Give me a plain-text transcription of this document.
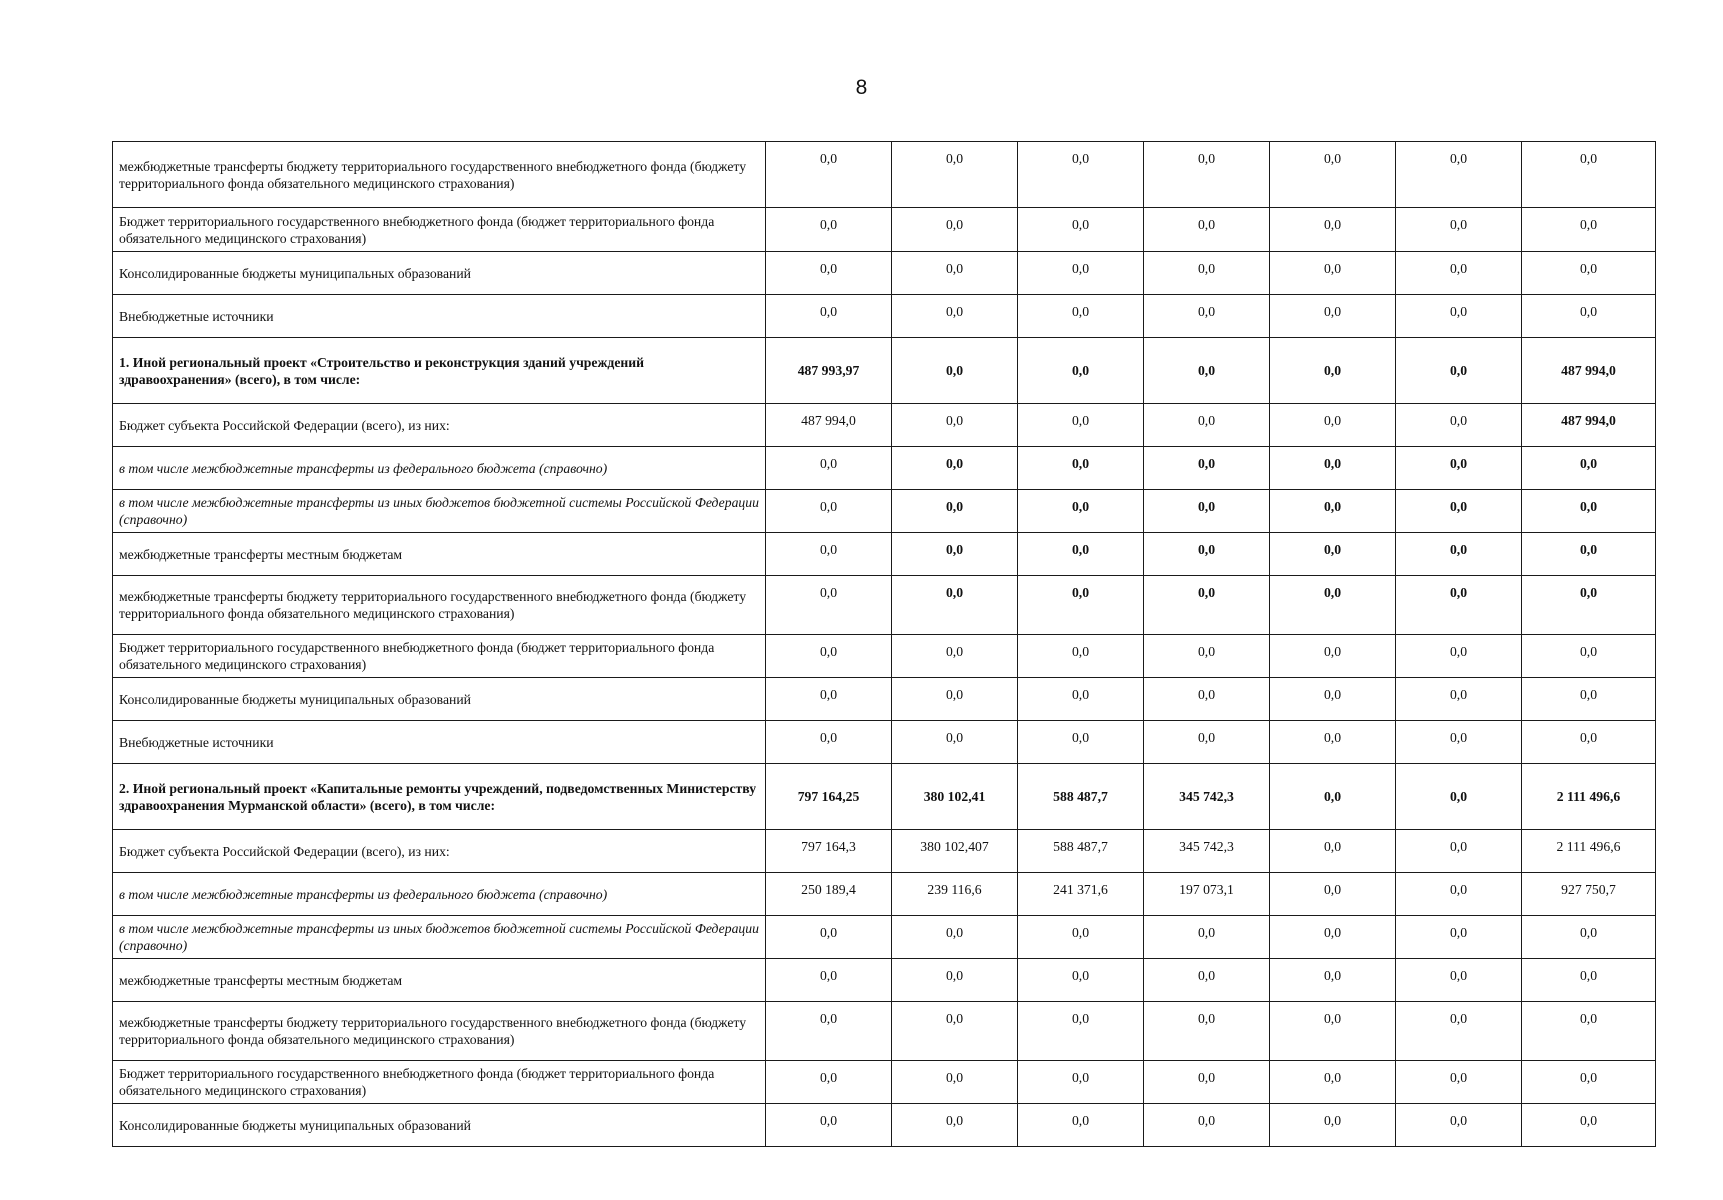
8
межбюджетные трансферты бюджету территориального государственного внебюджетного фонда (бюджету территориального фонда обязательного медицинского страхования)	0,0	0,0	0,0	0,0	0,0	0,0	0,0
Бюджет территориального государственного внебюджетного фонда (бюджет территориального фонда обязательного медицинского страхования)	0,0	0,0	0,0	0,0	0,0	0,0	0,0
Консолидированные бюджеты муниципальных образований	0,0	0,0	0,0	0,0	0,0	0,0	0,0
Внебюджетные источники	0,0	0,0	0,0	0,0	0,0	0,0	0,0
1. Иной региональный проект «Строительство и реконструкция зданий учреждений здравоохранения» (всего), в том числе:	487 993,97	0,0	0,0	0,0	0,0	0,0	487 994,0
Бюджет субъекта Российской Федерации (всего), из них:	487 994,0	0,0	0,0	0,0	0,0	0,0	487 994,0
в том числе межбюджетные трансферты из федерального бюджета (справочно)	0,0	0,0	0,0	0,0	0,0	0,0	0,0
в том числе межбюджетные трансферты из иных бюджетов бюджетной системы Российской Федерации (справочно)	0,0	0,0	0,0	0,0	0,0	0,0	0,0
межбюджетные трансферты местным бюджетам	0,0	0,0	0,0	0,0	0,0	0,0	0,0
межбюджетные трансферты бюджету территориального государственного внебюджетного фонда (бюджету территориального фонда обязательного медицинского страхования)	0,0	0,0	0,0	0,0	0,0	0,0	0,0
Бюджет территориального государственного внебюджетного фонда (бюджет территориального фонда обязательного медицинского страхования)	0,0	0,0	0,0	0,0	0,0	0,0	0,0
Консолидированные бюджеты муниципальных образований	0,0	0,0	0,0	0,0	0,0	0,0	0,0
Внебюджетные источники	0,0	0,0	0,0	0,0	0,0	0,0	0,0
2. Иной региональный проект «Капитальные ремонты учреждений, подведомственных Министерству здравоохранения Мурманской области» (всего), в том числе:	797 164,25	380 102,41	588 487,7	345 742,3	0,0	0,0	2 111 496,6
Бюджет субъекта Российской Федерации (всего), из них:	797 164,3	380 102,407	588 487,7	345 742,3	0,0	0,0	2 111 496,6
в том числе межбюджетные трансферты из федерального бюджета (справочно)	250 189,4	239 116,6	241 371,6	197 073,1	0,0	0,0	927 750,7
в том числе межбюджетные трансферты из иных бюджетов бюджетной системы Российской Федерации (справочно)	0,0	0,0	0,0	0,0	0,0	0,0	0,0
межбюджетные трансферты местным бюджетам	0,0	0,0	0,0	0,0	0,0	0,0	0,0
межбюджетные трансферты бюджету территориального государственного внебюджетного фонда (бюджету территориального фонда обязательного медицинского страхования)	0,0	0,0	0,0	0,0	0,0	0,0	0,0
Бюджет территориального государственного внебюджетного фонда (бюджет территориального фонда обязательного медицинского страхования)	0,0	0,0	0,0	0,0	0,0	0,0	0,0
Консолидированные бюджеты муниципальных образований	0,0	0,0	0,0	0,0	0,0	0,0	0,0
